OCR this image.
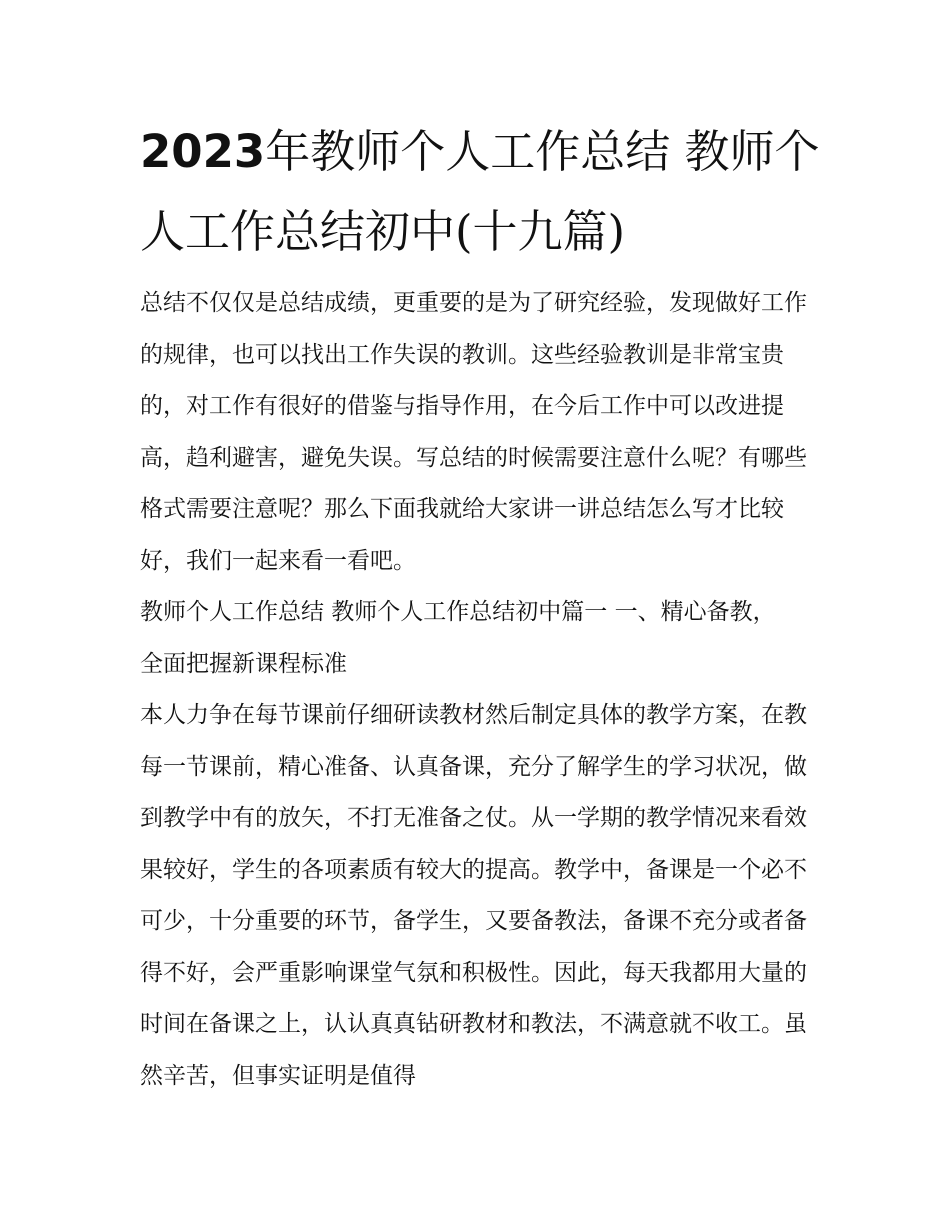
2023年教师个人工作总结 教师个人工作总结初中(十九篇)

总结不仅仅是总结成绩，更重要的是为了研究经验，发现做好工作的规律，也可以找出工作失误的教训。这些经验教训是非常宝贵的，对工作有很好的借鉴与指导作用，在今后工作中可以改进提高，趋利避害，避免失误。写总结的时候需要注意什么呢？有哪些格式需要注意呢？那么下面我就给大家讲一讲总结怎么写才比较好，我们一起来看一看吧。

教师个人工作总结 教师个人工作总结初中篇一 一、精心备教，全面把握新课程标准

本人力争在每节课前仔细研读教材然后制定具体的教学方案，在教每一节课前，精心准备、认真备课，充分了解学生的学习状况，做到教学中有的放矢，不打无准备之仗。从一学期的教学情况来看效果较好，学生的各项素质有较大的提高。教学中，备课是一个必不可少，十分重要的环节，备学生，又要备教法，备课不充分或者备得不好，会严重影响课堂气氛和积极性。因此，每天我都用大量的时间在备课之上，认认真真钻研教材和教法，不满意就不收工。虽然辛苦，但事实证明是值得
